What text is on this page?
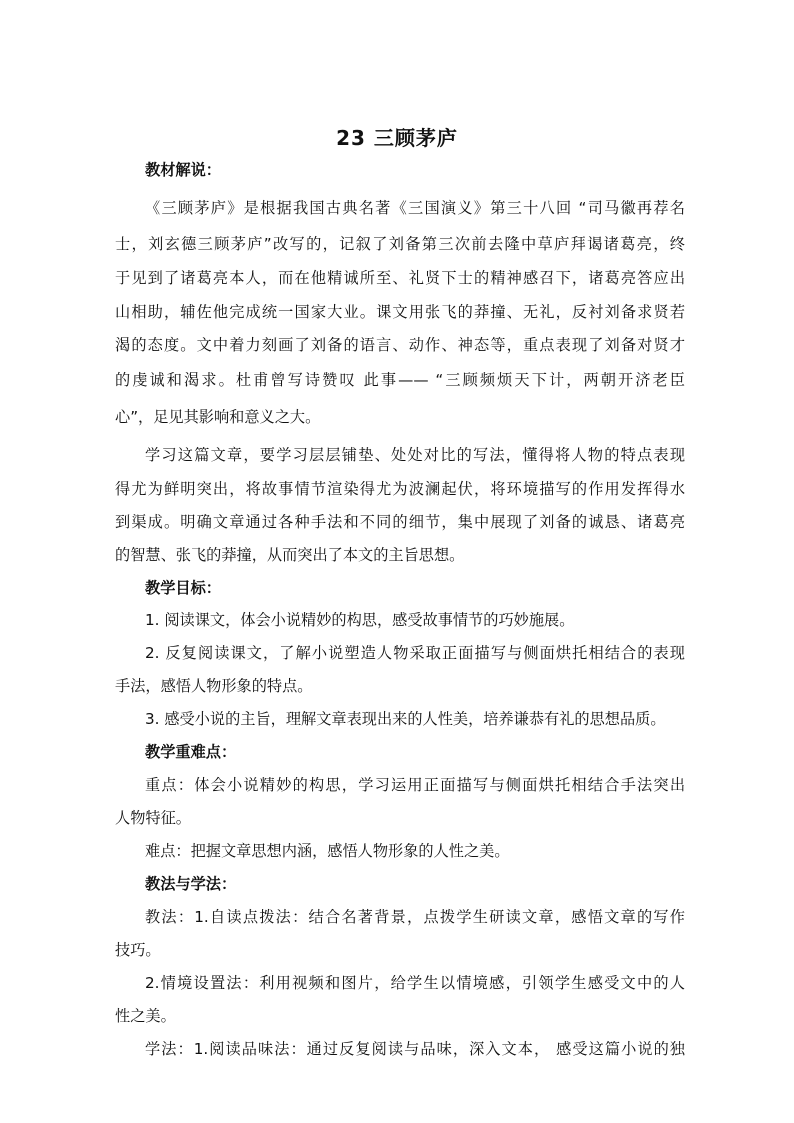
23 三顾茅庐
教材解说：
《三顾茅庐》是根据我国古典名著《三国演义》第三十八回 “司马徽再荐名
士，刘玄德三顾茅庐”改写的，记叙了刘备第三次前去隆中草庐拜谒诸葛亮，终
于见到了诸葛亮本人，而在他精诚所至、礼贤下士的精神感召下，诸葛亮答应出
山相助，辅佐他完成统一国家大业。课文用张飞的莽撞、无礼，反衬刘备求贤若
渴的态度。文中着力刻画了刘备的语言、动作、神态等，重点表现了刘备对贤才
的虔诚和渴求。杜甫曾写诗赞叹 此事—— “三顾频烦天下计，两朝开济老臣
心”，足见其影响和意义之大。
学习这篇文章，要学习层层铺垫、处处对比的写法，懂得将人物的特点表现
得尤为鲜明突出，将故事情节渲染得尤为波澜起伏，将环境描写的作用发挥得水
到渠成。明确文章通过各种手法和不同的细节，集中展现了刘备的诚恳、诸葛亮
的智慧、张飞的莽撞，从而突出了本文的主旨思想。
教学目标：
1. 阅读课文，体会小说精妙的构思，感受故事情节的巧妙施展。
2. 反复阅读课文，了解小说塑造人物采取正面描写与侧面烘托相结合的表现
手法，感悟人物形象的特点。
3. 感受小说的主旨，理解文章表现出来的人性美，培养谦恭有礼的思想品质。
教学重难点：
重点：体会小说精妙的构思，学习运用正面描写与侧面烘托相结合手法突出
人物特征。
难点：把握文章思想内涵，感悟人物形象的人性之美。
教法与学法：
教法：1.自读点拨法：结合名著背景，点拨学生研读文章，感悟文章的写作
技巧。
2.情境设置法：利用视频和图片，给学生以情境感，引领学生感受文中的人
性之美。
学法：1.阅读品味法：通过反复阅读与品味，深入文本， 感受这篇小说的独
